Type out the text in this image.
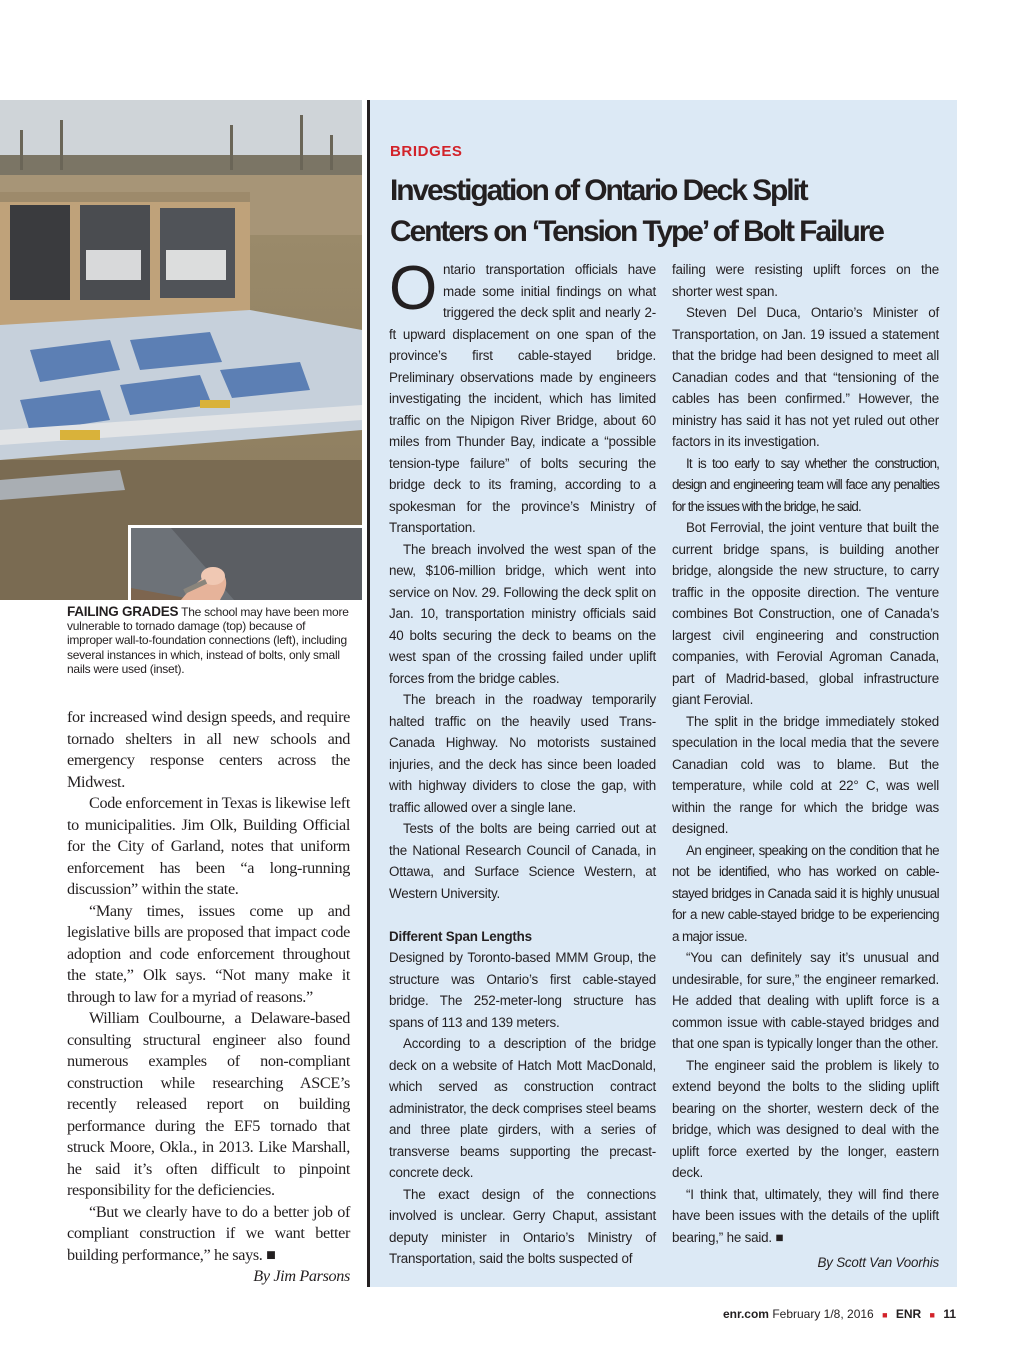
FAILING GRADES The school may have been more vulnerable to tornado damage (top) because of improper wall-to-foundation connections (left), including several instances in which, instead of bolts, only small nails were used (inset).

for increased wind design speeds, and require tornado shelters in all new schools and emergency response centers across the Midwest.

Code enforcement in Texas is likewise left to municipalities. Jim Olk, Building Official for the City of Garland, notes that uniform enforcement has been “a long-running discussion” within the state.

“Many times, issues come up and legislative bills are proposed that impact code adoption and code enforcement throughout the state,” Olk says. “Not many make it through to law for a myriad of reasons.”

William Coulbourne, a Delaware-based consulting structural engineer also found numerous examples of non-compliant construction while researching ASCE’s recently released report on building performance during the EF5 tornado that struck Moore, Okla., in 2013. Like Marshall, he said it’s often difficult to pinpoint responsibility for the deficiencies.

“But we clearly have to do a better job of compliant construction if we want better building performance,” he says. ■

By Jim Parsons

BRIDGES
Investigation of Ontario Deck Split
Centers on ‘Tension Type’ of Bolt Failure

Ontario transportation officials have made some initial findings on what triggered the deck split and nearly 2-ft upward displacement on one span of the province’s first cable-stayed bridge. Preliminary observations made by engineers investigating the incident, which has limited traffic on the Nipigon River Bridge, about 60 miles from Thunder Bay, indicate a “possible tension-type failure” of bolts securing the bridge deck to its framing, according to a spokesman for the province’s Ministry of Transportation.

The breach involved the west span of the new, $106-million bridge, which went into service on Nov. 29. Following the deck split on Jan. 10, transportation ministry officials said 40 bolts securing the deck to beams on the west span of the crossing failed under uplift forces from the bridge cables.

The breach in the roadway temporarily halted traffic on the heavily used Trans-Canada Highway. No motorists sustained injuries, and the deck has since been loaded with highway dividers to close the gap, with traffic allowed over a single lane.

Tests of the bolts are being carried out at the National Research Council of Canada, in Ottawa, and Surface Science Western, at Western University.

Different Span Lengths

Designed by Toronto-based MMM Group, the structure was Ontario’s first cable-stayed bridge. The 252-meter-long structure has spans of 113 and 139 meters.

According to a description of the bridge deck on a website of Hatch Mott MacDonald, which served as construction contract administrator, the deck comprises steel beams and three plate girders, with a series of transverse beams supporting the precast-concrete deck.

The exact design of the connections involved is unclear. Gerry Chaput, assistant deputy minister in Ontario’s Ministry of Transportation, said the bolts suspected of

failing were resisting uplift forces on the shorter west span.

Steven Del Duca, Ontario’s Minister of Transportation, on Jan. 19 issued a statement that the bridge had been designed to meet all Canadian codes and that “tensioning of the cables has been confirmed.” However, the ministry has said it has not yet ruled out other factors in its investigation.

It is too early to say whether the construction, design and engineering team will face any penalties for the issues with the bridge, he said.

Bot Ferrovial, the joint venture that built the current bridge spans, is building another bridge, alongside the new structure, to carry traffic in the opposite direction. The venture combines Bot Construction, one of Canada’s largest civil engineering and construction companies, with Ferovial Agroman Canada, part of Madrid-based, global infrastructure giant Ferovial.

The split in the bridge immediately stoked speculation in the local media that the severe Canadian cold was to blame. But the temperature, while cold at 22° C, was well within the range for which the bridge was designed.

An engineer, speaking on the condition that he not be identified, who has worked on cable-stayed bridges in Canada said it is highly unusual for a new cable-stayed bridge to be experiencing a major issue.

“You can definitely say it’s unusual and undesirable, for sure,” the engineer remarked. He added that dealing with uplift force is a common issue with cable-stayed bridges and that one span is typically longer than the other.

The engineer said the problem is likely to extend beyond the bolts to the sliding uplift bearing on the shorter, western deck of the bridge, which was designed to deal with the uplift force exerted by the longer, eastern deck.

“I think that, ultimately, they will find there have been issues with the details of the uplift bearing,” he said. ■

By Scott Van Voorhis

enr.com February 1/8, 2016 ■ ENR ■ 11
